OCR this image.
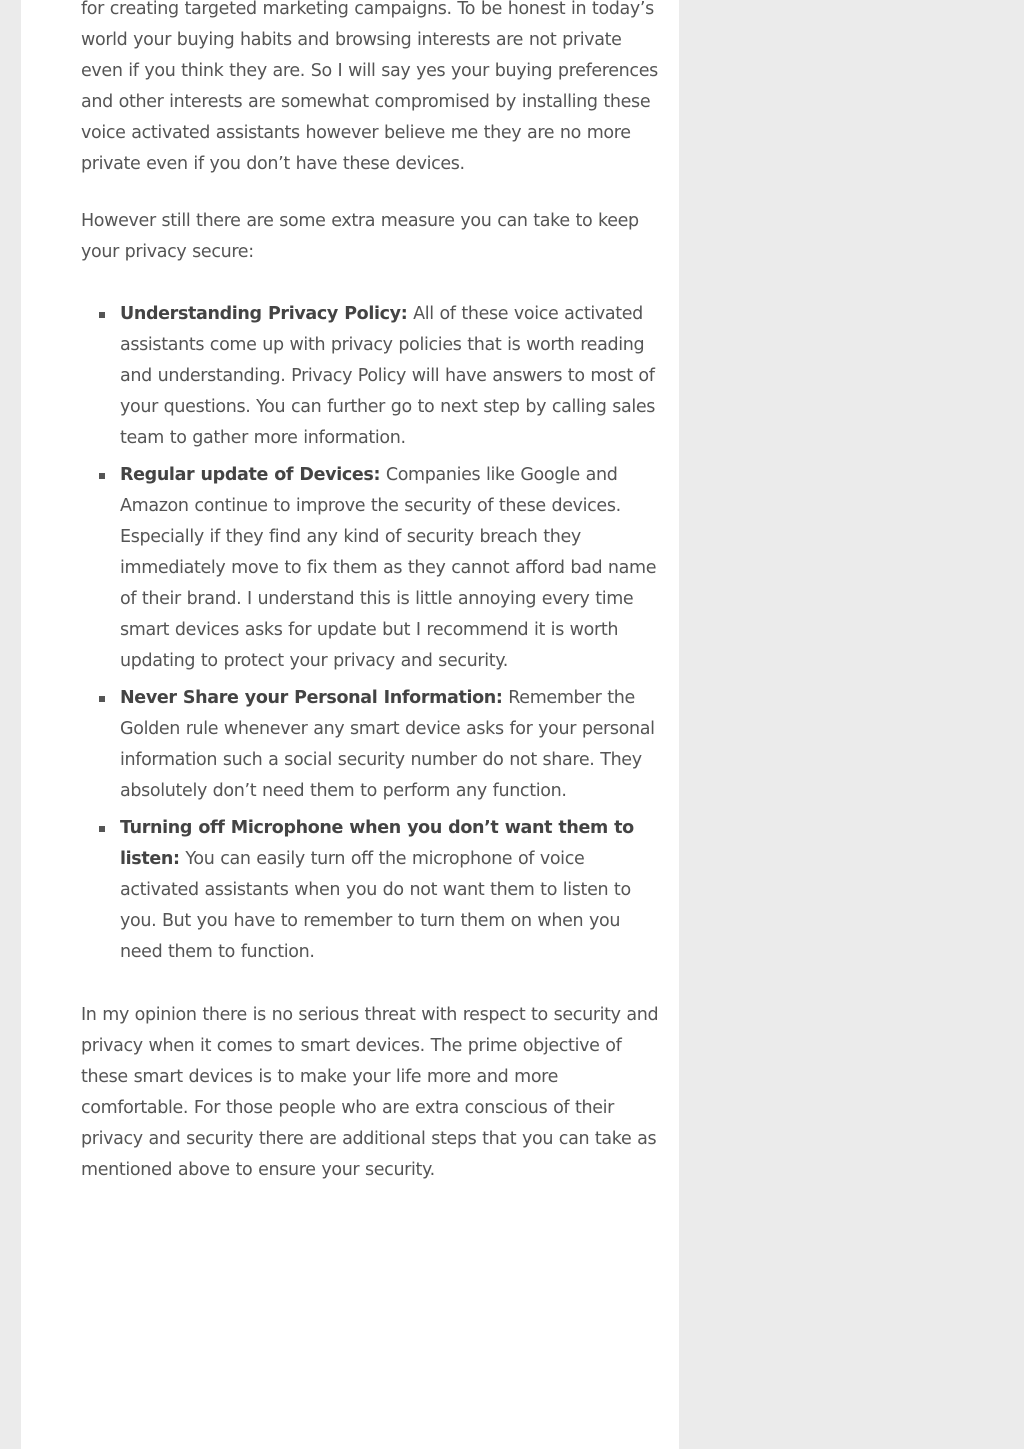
for creating targeted marketing campaigns. To be honest in today’s world your buying habits and browsing interests are not private even if you think they are. So I will say yes your buying preferences and other interests are somewhat compromised by installing these voice activated assistants however believe me they are no more private even if you don’t have these devices.

However still there are some extra measure you can take to keep your privacy secure:

Understanding Privacy Policy: All of these voice activated assistants come up with privacy policies that is worth reading and understanding. Privacy Policy will have answers to most of your questions. You can further go to next step by calling sales team to gather more information.
Regular update of Devices: Companies like Google and Amazon continue to improve the security of these devices. Especially if they find any kind of security breach they immediately move to fix them as they cannot afford bad name of their brand. I understand this is little annoying every time smart devices asks for update but I recommend it is worth updating to protect your privacy and security.
Never Share your Personal Information: Remember the Golden rule whenever any smart device asks for your personal information such a social security number do not share. They absolutely don’t need them to perform any function.
Turning off Microphone when you don’t want them to listen: You can easily turn off the microphone of voice activated assistants when you do not want them to listen to you. But you have to remember to turn them on when you need them to function.

In my opinion there is no serious threat with respect to security and privacy when it comes to smart devices. The prime objective of these smart devices is to make your life more and more comfortable. For those people who are extra conscious of their privacy and security there are additional steps that you can take as mentioned above to ensure your security.
